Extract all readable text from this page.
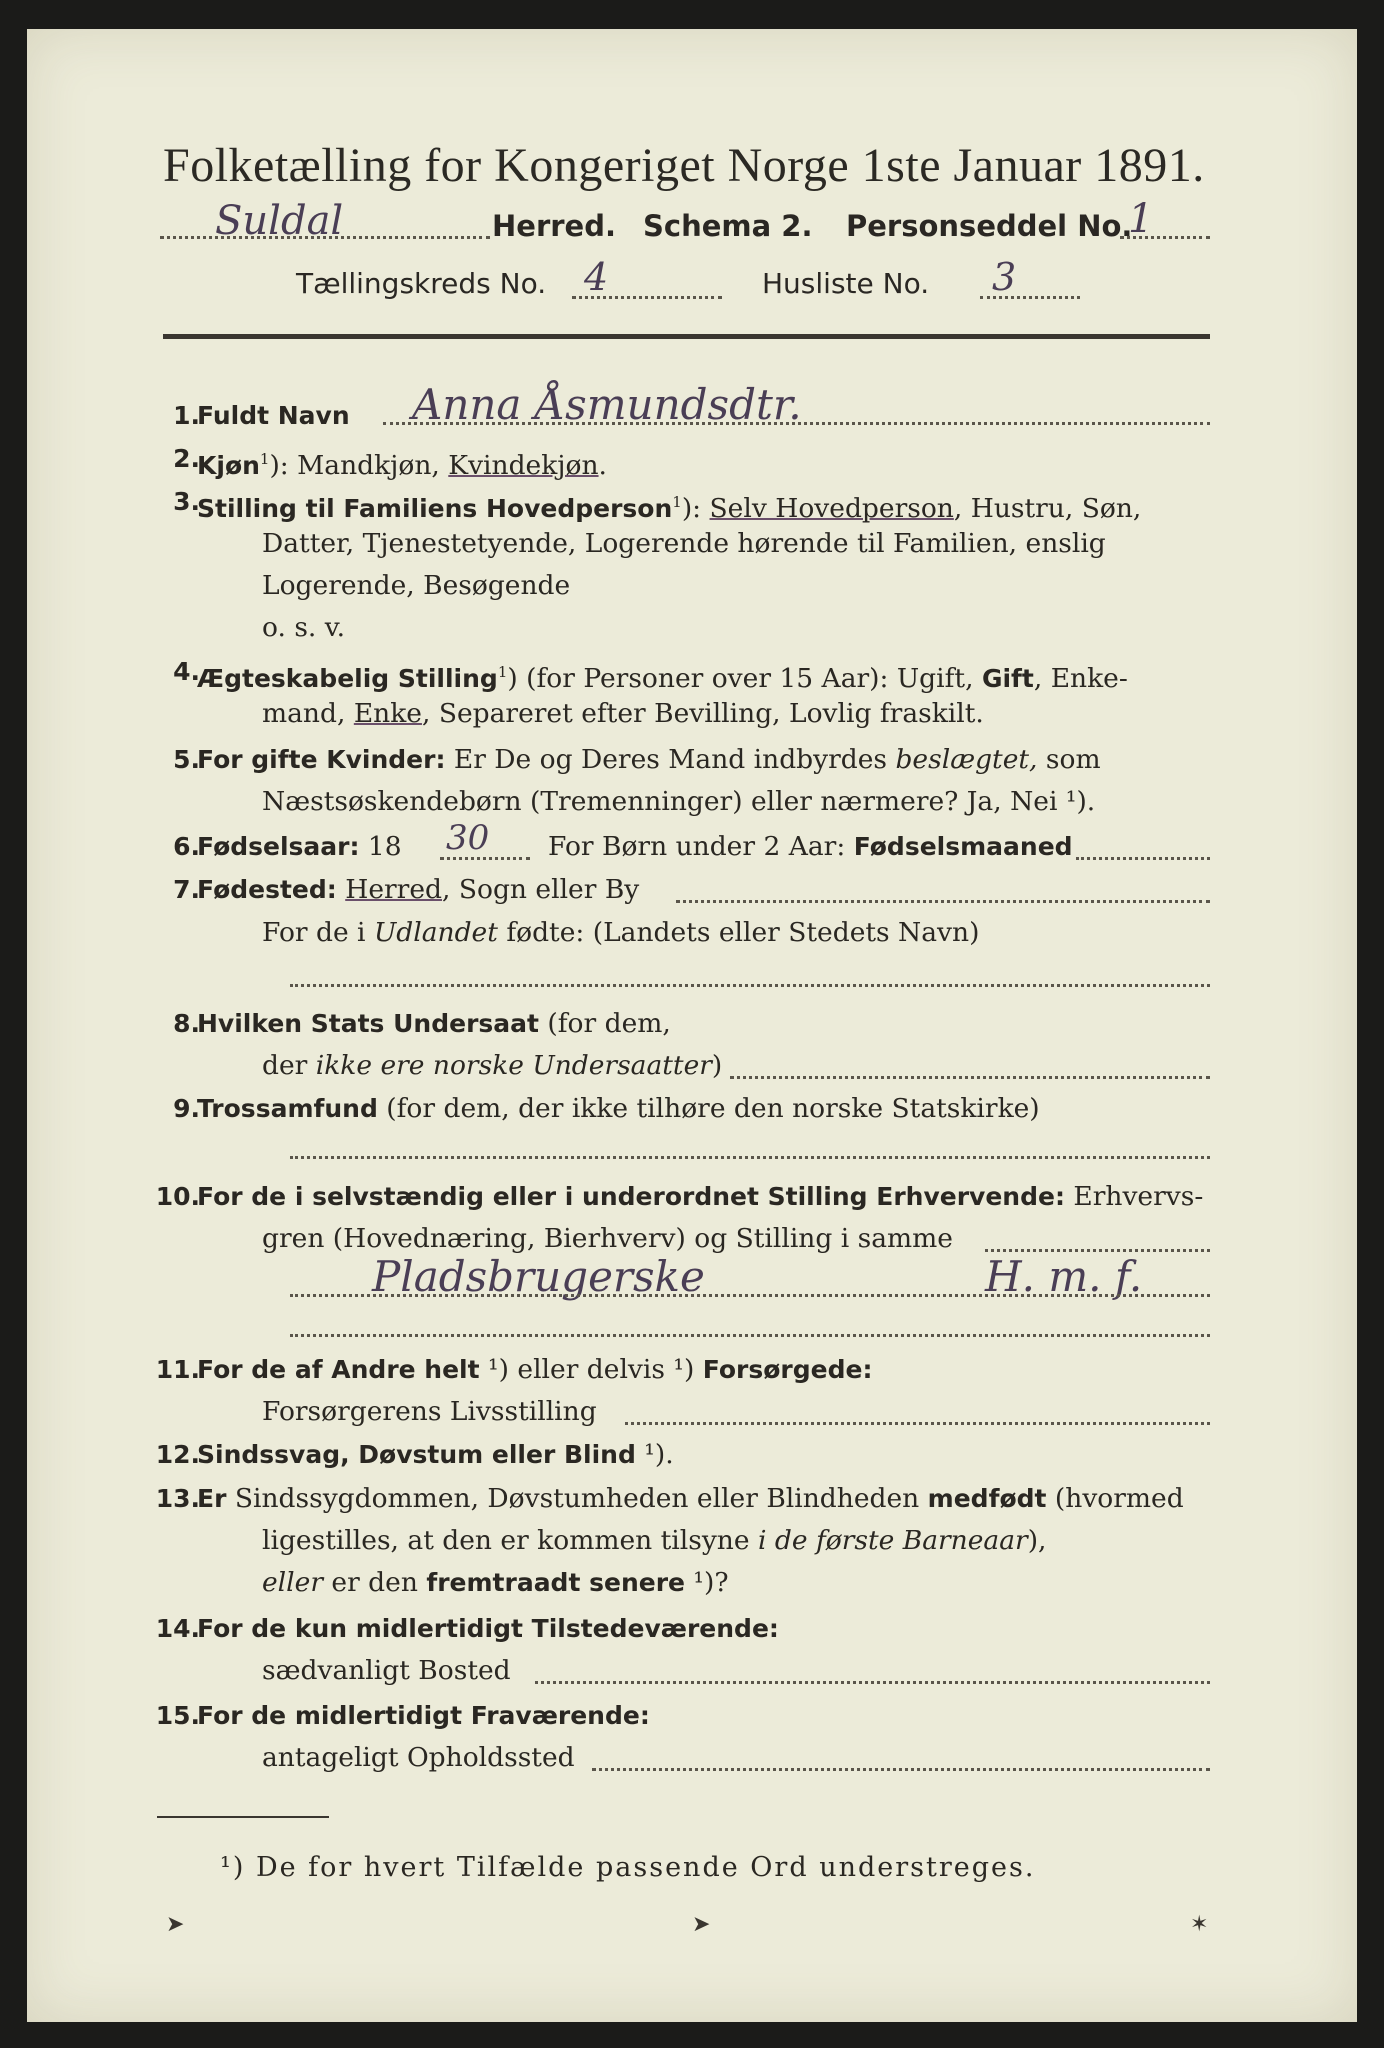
Folketælling for Kongeriget Norge 1ste Januar 1891.
Suldal	Herred. Schema 2. Personseddel No.
1
Tællingskreds No. 4	Husliste No. 3
1.
Fuldt Navn Anna Åsmundsdtr.
2.
Kjøn$^1$): Mandkjøn, Kvindekjøn.
3.
Stilling til Familiens Hovedperson$^1$): Selv Hovedperson, Hustru, Søn,
Datter, Tjenestetyende, Logerende hørende til Familien, enslig
Logerende, Besøgende
o. s. v.
4.
Ægteskabelig Stilling$^1$) (for Personer over 15 Aar): Ugift, Gift, Enke-
mand, Enke, Separeret efter Bevilling, Lovlig fraskilt.
5.
For gifte Kvinder: Er De og Deres Mand indbyrdes beslægtet, som
Næstsøskendebørn (Tremenninger) eller nærmere? Ja, Nei ¹).
6.
Fødselsaar: 18 30 For Børn under 2 Aar: Fødselsmaaned
7.
Fødested: Herred, Sogn eller By
For de i Udlandet fødte: (Landets eller Stedets Navn)
8.
Hvilken Stats Undersaat (for dem,
der ikke ere norske Undersaatter)
9.
Trossamfund (for dem, der ikke tilhøre den norske Statskirke)
10.
For de i selvstændig eller i underordnet Stilling Erhvervende: Erhvervs-
gren (Hovednæring, Bierhverv) og Stilling i samme
Pladsbrugerske	H. m. f.
11.
For de af Andre helt ¹) eller delvis ¹) Forsørgede:
Forsørgerens Livsstilling
12.
Sindssvag, Døvstum eller Blind ¹).
13.
Er Sindssygdommen, Døvstumheden eller Blindheden medfødt (hvormed
ligestilles, at den er kommen tilsyne i de første Barneaar),
eller er den fremtraadt senere ¹)?
14.
For de kun midlertidigt Tilstedeværende:
sædvanligt Bosted
15.
For de midlertidigt Fraværende:
antageligt Opholdssted
¹) De for hvert Tilfælde passende Ord understreges.
➤	➤	✶
